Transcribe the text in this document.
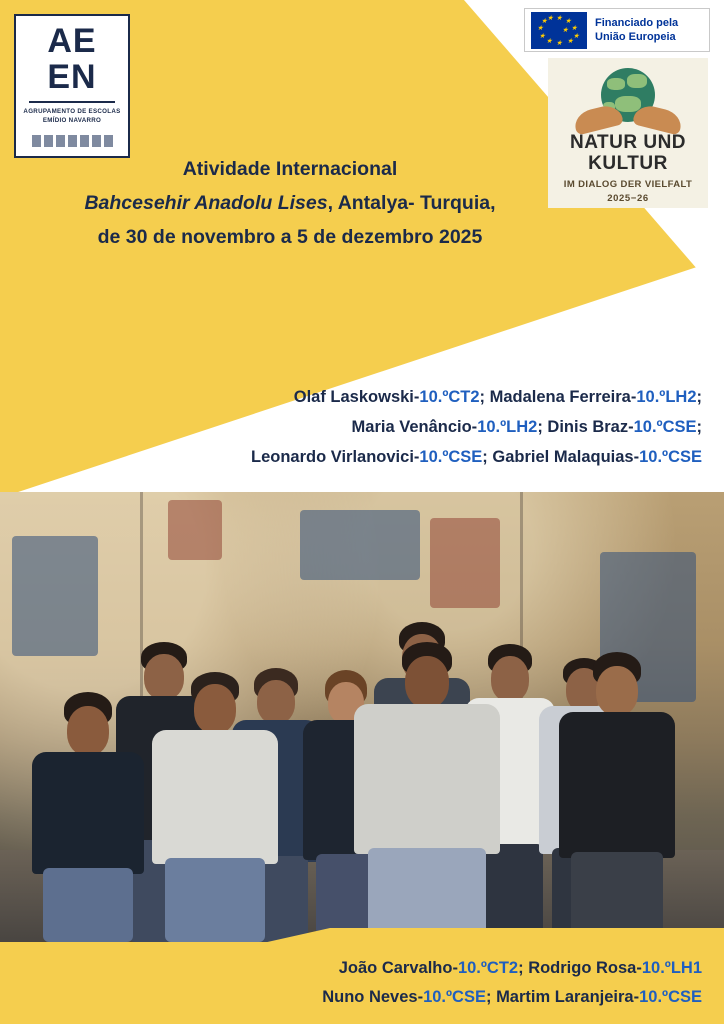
AE
EN
AGRUPAMENTO DE ESCOLAS
EMÍDIO NAVARRO
★ ★
★
★
★
★
★
★
★
★ ★
★
Financiado pela
União Europeia
NATUR UND
KULTUR
IM DIALOG DER VIELFALT
2025−26
Atividade Internacional
Bahcesehir Anadolu Lises, Antalya- Turquia,
de 30 de novembro a 5 de dezembro 2025
Olaf Laskowski-10.ºCT2; Madalena Ferreira-10.ºLH2;
Maria Venâncio-10.ºLH2; Dinis Braz-10.ºCSE;
Leonardo Virlanovici-10.ºCSE; Gabriel Malaquias-10.ºCSE
João Carvalho-10.ºCT2; Rodrigo Rosa-10.ºLH1
Nuno Neves-10.ºCSE; Martim Laranjeira-10.ºCSE
